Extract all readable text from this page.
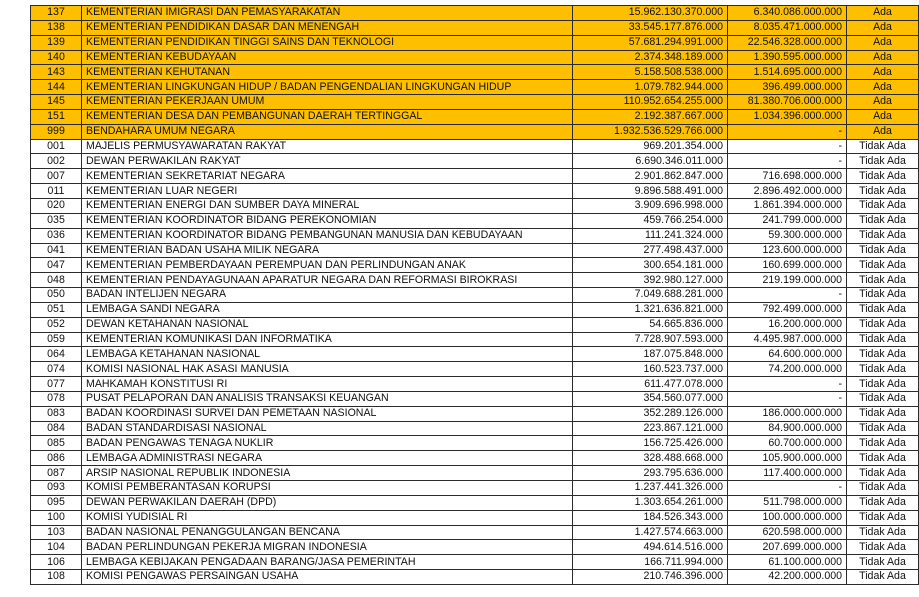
137	KEMENTERIAN IMIGRASI DAN PEMASYARAKATAN	15.962.130.370.000	6.340.086.000.000	Ada
138	KEMENTERIAN PENDIDIKAN DASAR DAN MENENGAH	33.545.177.876.000	8.035.471.000.000	Ada
139	KEMENTERIAN PENDIDIKAN TINGGI SAINS DAN TEKNOLOGI	57.681.294.991.000	22.546.328.000.000	Ada
140	KEMENTERIAN KEBUDAYAAN	2.374.348.189.000	1.390.595.000.000	Ada
143	KEMENTERIAN KEHUTANAN	5.158.508.538.000	1.514.695.000.000	Ada
144	KEMENTERIAN LINGKUNGAN HIDUP / BADAN PENGENDALIAN LINGKUNGAN HIDUP	1.079.782.944.000	396.499.000.000	Ada
145	KEMENTERIAN PEKERJAAN UMUM	110.952.654.255.000	81.380.706.000.000	Ada
151	KEMENTERIAN DESA DAN PEMBANGUNAN DAERAH TERTINGGAL	2.192.387.667.000	1.034.396.000.000	Ada
999	BENDAHARA UMUM NEGARA	1.932.536.529.766.000	-	Ada
001	MAJELIS PERMUSYAWARATAN RAKYAT	969.201.354.000	-	Tidak Ada
002	DEWAN PERWAKILAN RAKYAT	6.690.346.011.000	-	Tidak Ada
007	KEMENTERIAN SEKRETARIAT NEGARA	2.901.862.847.000	716.698.000.000	Tidak Ada
011	KEMENTERIAN LUAR NEGERI	9.896.588.491.000	2.896.492.000.000	Tidak Ada
020	KEMENTERIAN ENERGI DAN SUMBER DAYA MINERAL	3.909.696.998.000	1.861.394.000.000	Tidak Ada
035	KEMENTERIAN KOORDINATOR BIDANG PEREKONOMIAN	459.766.254.000	241.799.000.000	Tidak Ada
036	KEMENTERIAN KOORDINATOR BIDANG PEMBANGUNAN MANUSIA DAN KEBUDAYAAN	111.241.324.000	59.300.000.000	Tidak Ada
041	KEMENTERIAN BADAN USAHA MILIK NEGARA	277.498.437.000	123.600.000.000	Tidak Ada
047	KEMENTERIAN PEMBERDAYAAN PEREMPUAN DAN PERLINDUNGAN ANAK	300.654.181.000	160.699.000.000	Tidak Ada
048	KEMENTERIAN PENDAYAGUNAAN APARATUR NEGARA DAN REFORMASI BIROKRASI	392.980.127.000	219.199.000.000	Tidak Ada
050	BADAN INTELIJEN NEGARA	7.049.688.281.000	-	Tidak Ada
051	LEMBAGA SANDI NEGARA	1.321.636.821.000	792.499.000.000	Tidak Ada
052	DEWAN KETAHANAN NASIONAL	54.665.836.000	16.200.000.000	Tidak Ada
059	KEMENTERIAN KOMUNIKASI DAN INFORMATIKA	7.728.907.593.000	4.495.987.000.000	Tidak Ada
064	LEMBAGA KETAHANAN NASIONAL	187.075.848.000	64.600.000.000	Tidak Ada
074	KOMISI NASIONAL HAK ASASI MANUSIA	160.523.737.000	74.200.000.000	Tidak Ada
077	MAHKAMAH KONSTITUSI RI	611.477.078.000	-	Tidak Ada
078	PUSAT PELAPORAN DAN ANALISIS TRANSAKSI KEUANGAN	354.560.077.000	-	Tidak Ada
083	BADAN KOORDINASI SURVEI DAN PEMETAAN NASIONAL	352.289.126.000	186.000.000.000	Tidak Ada
084	BADAN STANDARDISASI NASIONAL	223.867.121.000	84.900.000.000	Tidak Ada
085	BADAN PENGAWAS TENAGA NUKLIR	156.725.426.000	60.700.000.000	Tidak Ada
086	LEMBAGA ADMINISTRASI NEGARA	328.488.668.000	105.900.000.000	Tidak Ada
087	ARSIP NASIONAL REPUBLIK INDONESIA	293.795.636.000	117.400.000.000	Tidak Ada
093	KOMISI PEMBERANTASAN KORUPSI	1.237.441.326.000	-	Tidak Ada
095	DEWAN PERWAKILAN DAERAH (DPD)	1.303.654.261.000	511.798.000.000	Tidak Ada
100	KOMISI YUDISIAL RI	184.526.343.000	100.000.000.000	Tidak Ada
103	BADAN NASIONAL PENANGGULANGAN BENCANA	1.427.574.663.000	620.598.000.000	Tidak Ada
104	BADAN PERLINDUNGAN PEKERJA MIGRAN INDONESIA	494.614.516.000	207.699.000.000	Tidak Ada
106	LEMBAGA KEBIJAKAN PENGADAAN BARANG/JASA PEMERINTAH	166.711.994.000	61.100.000.000	Tidak Ada
108	KOMISI PENGAWAS PERSAINGAN USAHA	210.746.396.000	42.200.000.000	Tidak Ada
